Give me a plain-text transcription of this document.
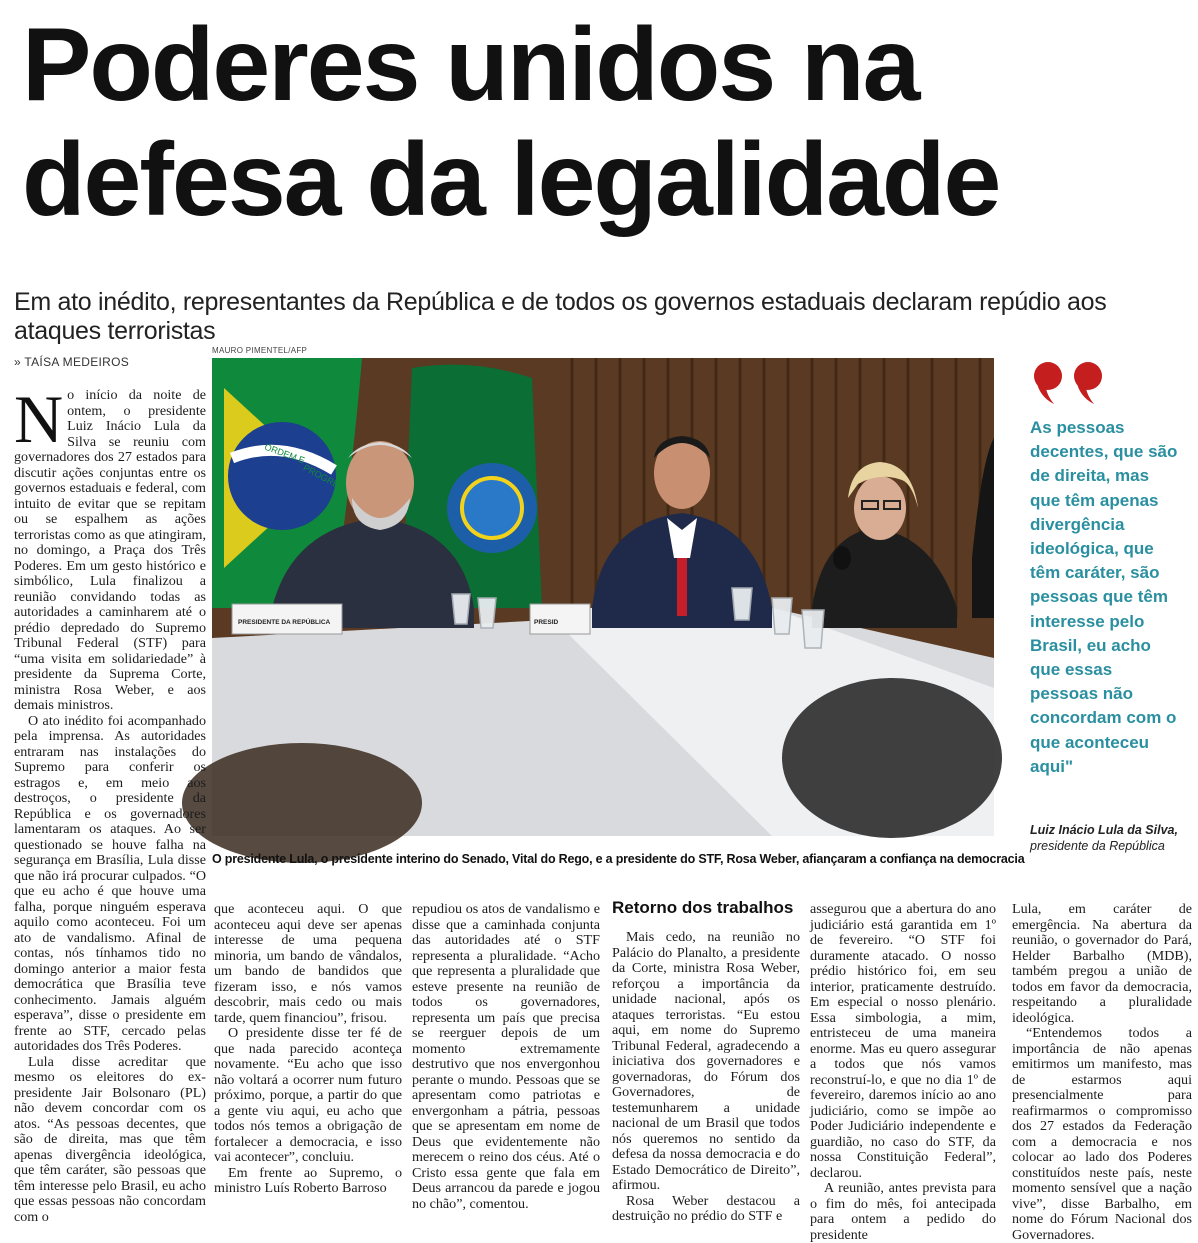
Poderes unidos na
defesa da legalidade

Em ato inédito, representantes da República e de todos os governos estaduais declaram repúdio aos ataques terroristas

» TAÍSA MEDEIROS
MAURO PIMENTEL/AFP
ORDEM E
PROGRE
PRESIDENTE DA REPÚBLICA	PRESID

O presidente Lula, o presidente interino do Senado, Vital do Rego, e a presidente do STF, Rosa Weber, afiançaram a confiança na democracia

As pessoas decentes, que são de direita, mas que têm apenas divergência ideológica, que têm caráter, são pessoas que têm interesse pelo Brasil, eu acho que essas pessoas não concordam com o que aconteceu aqui"

Luiz Inácio Lula da Silva, presidente da República
N o início da noite de ontem, o presidente Luiz Inácio Lula da Silva se reuniu com governadores dos 27 estados para discutir ações conjuntas entre os governos estaduais e federal, com intuito de evitar que se repitam ou se espalhem as ações terroristas como as que atingiram, no domingo, a Praça dos Três Poderes. Em um gesto histórico e simbólico, Lula finalizou a reunião convidando todas as autoridades a caminharem até o prédio depredado do Supremo Tribunal Federal (STF) para “uma visita em solidariedade” à presidente da Suprema Corte, ministra Rosa Weber, e aos demais ministros.

O ato inédito foi acompanhado pela imprensa. As autoridades entraram nas instalações do Supremo para conferir os estragos e, em meio aos destroços, o presidente da República e os governadores lamentaram os ataques. Ao ser questionado se houve falha na segurança em Brasília, Lula disse que não irá procurar culpados. “O que eu acho é que houve uma falha, porque ninguém esperava aquilo como aconteceu. Foi um ato de vandalismo. Afinal de contas, nós tínhamos tido no domingo anterior a maior festa democrática que Brasília teve conhecimento. Jamais alguém esperava”, disse o presidente em frente ao STF, cercado pelas autoridades dos Três Poderes.

Lula disse acreditar que mesmo os eleitores do ex-presidente Jair Bolsonaro (PL) não devem concordar com os atos. “As pessoas decentes, que são de direita, mas que têm apenas divergência ideológica, que têm caráter, são pessoas que têm interesse pelo Brasil, eu acho que essas pessoas não concordam com o

que aconteceu aqui. O que aconteceu aqui deve ser apenas interesse de uma pequena minoria, um bando de vândalos, um bando de bandidos que fizeram isso, e nós vamos descobrir, mais cedo ou mais tarde, quem financiou”, frisou.

O presidente disse ter fé de que nada parecido aconteça novamente. “Eu acho que isso não voltará a ocorrer num futuro próximo, porque, a partir do que a gente viu aqui, eu acho que todos nós temos a obrigação de fortalecer a democracia, e isso vai acontecer”, concluiu.

Em frente ao Supremo, o ministro Luís Roberto Barroso

repudiou os atos de vandalismo e disse que a caminhada conjunta das autoridades até o STF representa a pluralidade. “Acho que representa a pluralidade que esteve presente na reunião de todos os governadores, representa um país que precisa se reerguer depois de um momento extremamente destrutivo que nos envergonhou perante o mundo. Pessoas que se apresentam como patriotas e envergonham a pátria, pessoas que se apresentam em nome de Deus que evidentemente não merecem o reino dos céus. Até o Cristo essa gente que fala em Deus arrancou da parede e jogou no chão”, comentou.

Retorno dos trabalhos

Mais cedo, na reunião no Palácio do Planalto, a presidente da Corte, ministra Rosa Weber, reforçou a importância da unidade nacional, após os ataques terroristas. “Eu estou aqui, em nome do Supremo Tribunal Federal, agradecendo a iniciativa dos governadores e governadoras, do Fórum dos Governadores, de testemunharem a unidade nacional de um Brasil que todos nós queremos no sentido da defesa da nossa democracia e do Estado Democrático de Direito”, afirmou.

Rosa Weber destacou a destruição no prédio do STF e

assegurou que a abertura do ano judiciário está garantida em 1º de fevereiro. “O STF foi duramente atacado. O nosso prédio histórico foi, em seu interior, praticamente destruído. Em especial o nosso plenário. Essa simbologia, a mim, entristeceu de uma maneira enorme. Mas eu quero assegurar a todos que nós vamos reconstruí-lo, e que no dia 1º de fevereiro, daremos início ao ano judiciário, como se impõe ao Poder Judiciário independente e guardião, no caso do STF, da nossa Constituição Federal”, declarou.

A reunião, antes prevista para o fim do mês, foi antecipada para ontem a pedido do presidente

Lula, em caráter de emergência. Na abertura da reunião, o governador do Pará, Helder Barbalho (MDB), também pregou a união de todos em favor da democracia, respeitando a pluralidade ideológica.

“Entendemos todos a importância de não apenas emitirmos um manifesto, mas de estarmos aqui presencialmente para reafirmarmos o compromisso dos 27 estados da Federação com a democracia e nos colocar ao lado dos Poderes constituídos neste país, neste momento sensível que a nação vive”, disse Barbalho, em nome do Fórum Nacional dos Governadores.
